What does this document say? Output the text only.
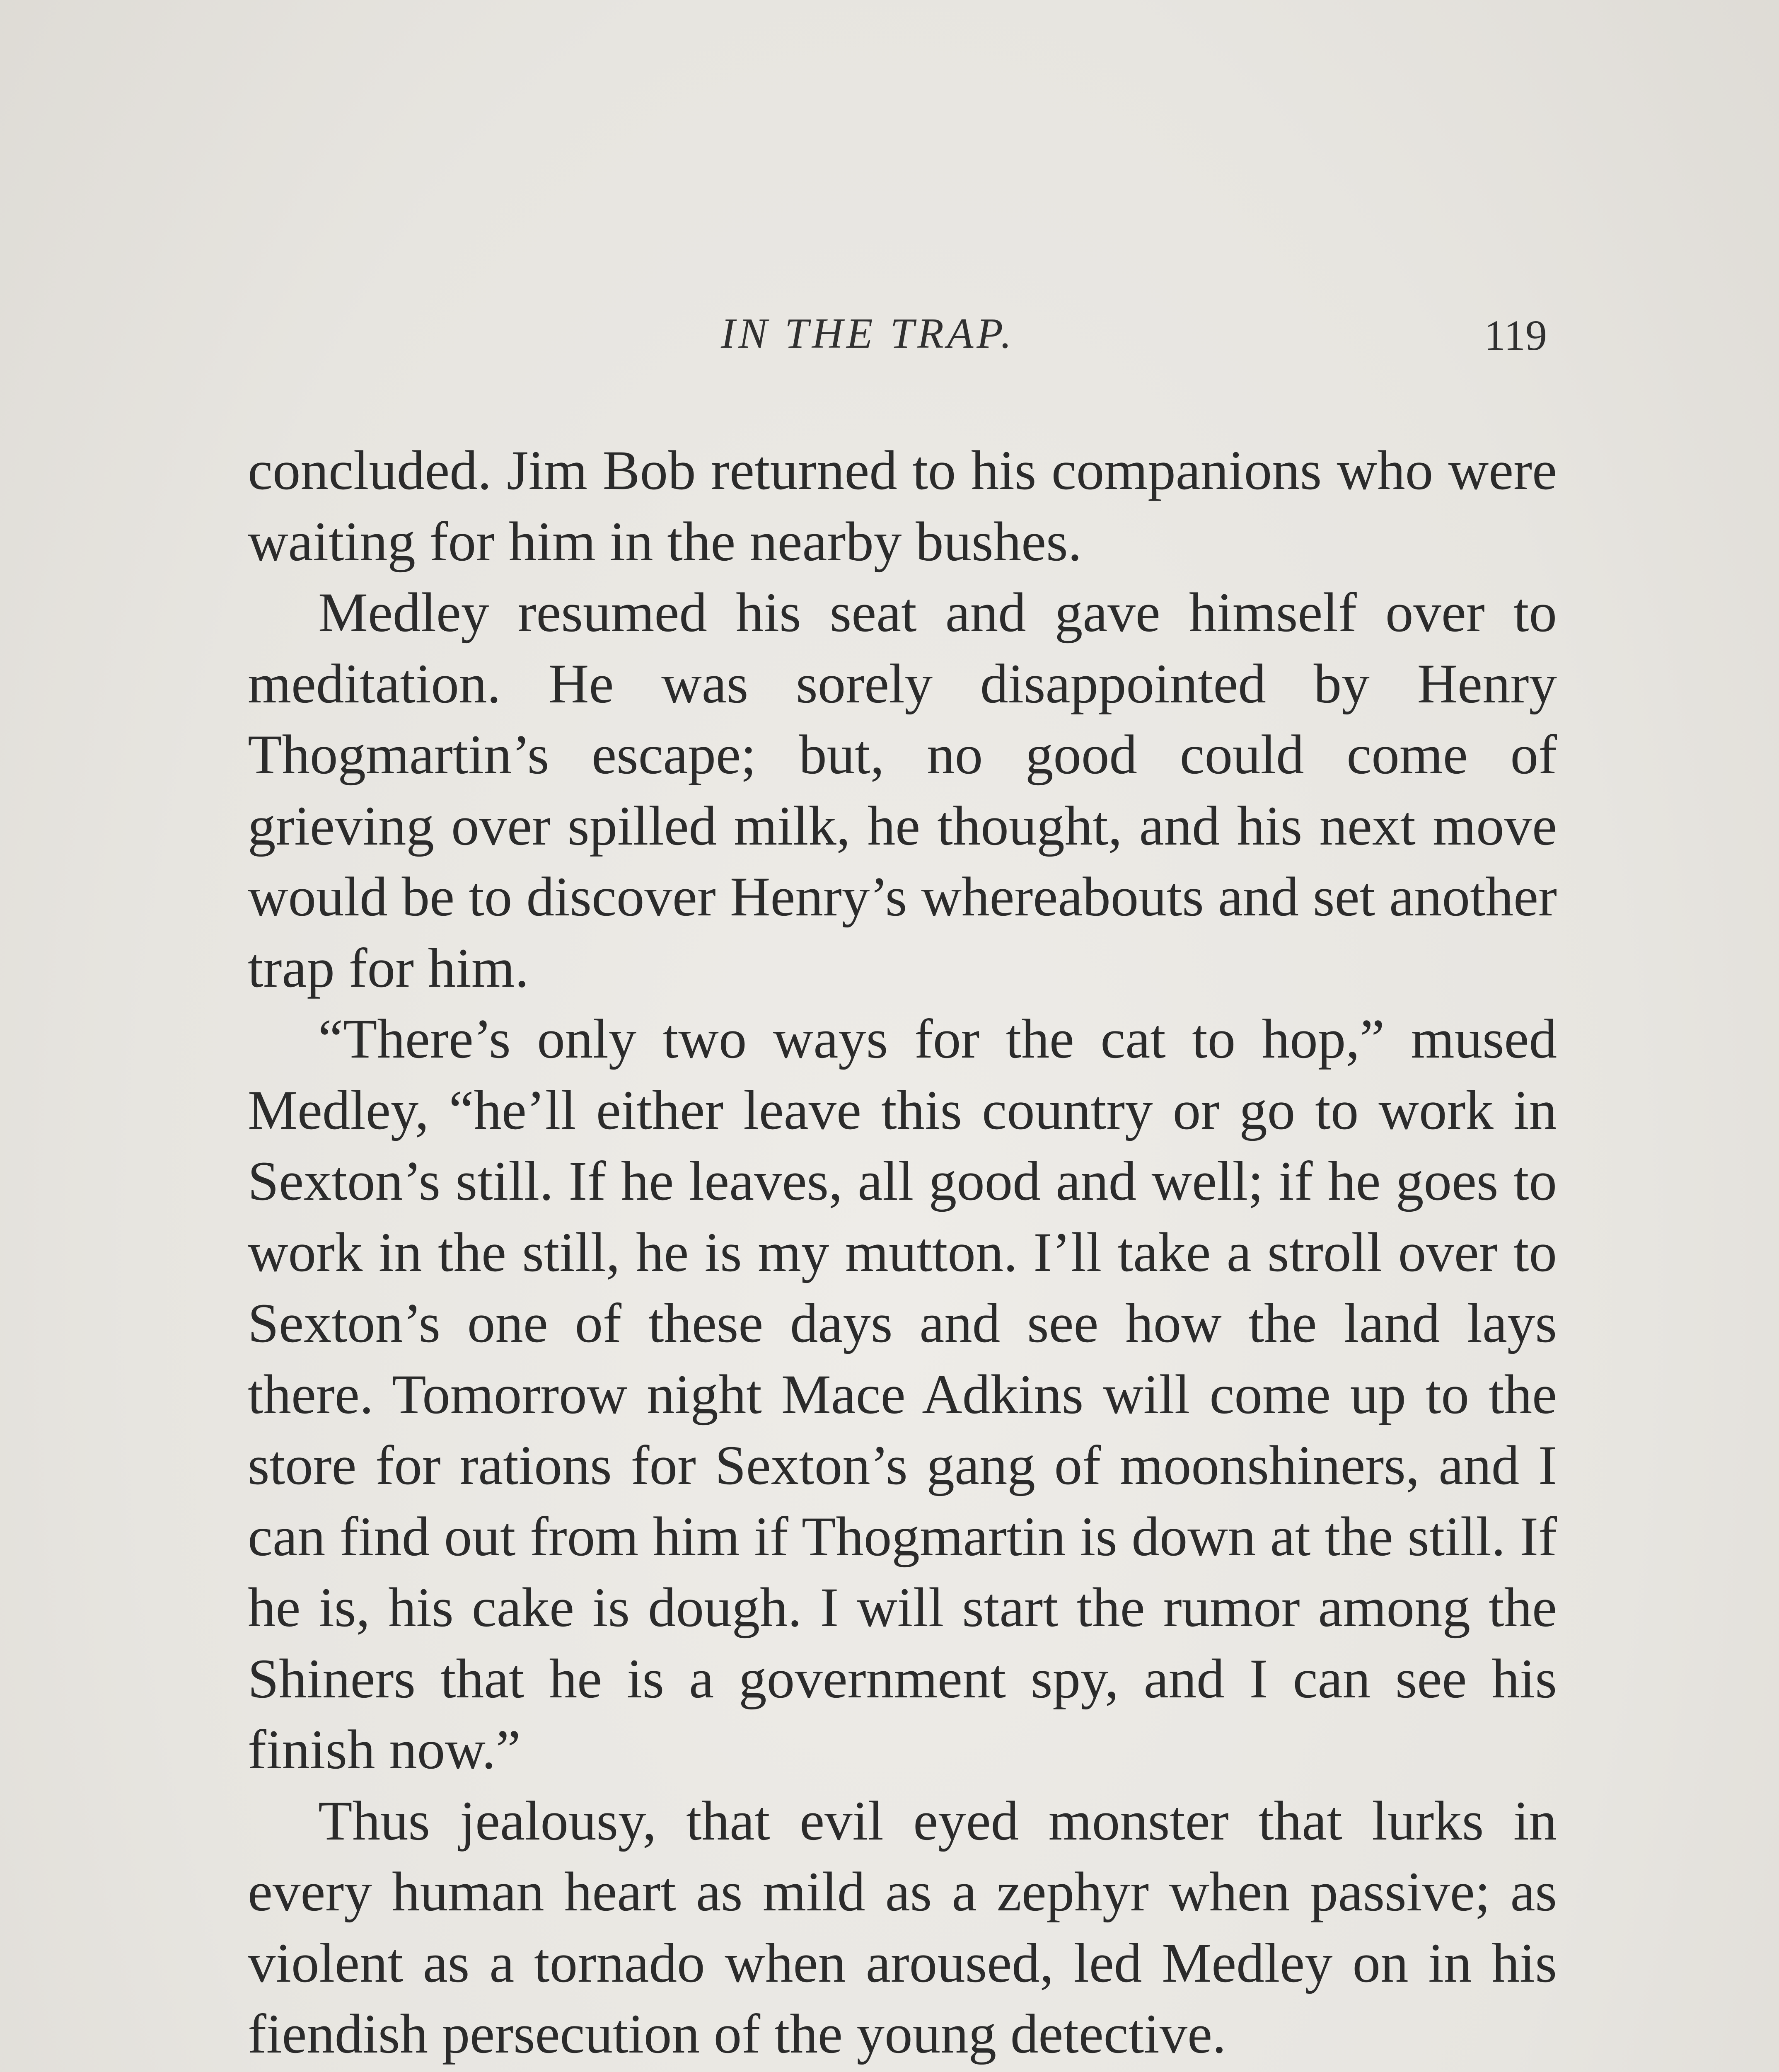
IN THE TRAP.	119

concluded. Jim Bob returned to his companions who were waiting for him in the nearby bushes.

Medley resumed his seat and gave himself over to meditation. He was sorely disappointed by Henry Thogmartin’s escape; but, no good could come of grieving over spilled milk, he thought, and his next move would be to discover Henry’s whereabouts and set another trap for him.

“There’s only two ways for the cat to hop,” mused Medley, “he’ll either leave this country or go to work in Sexton’s still. If he leaves, all good and well; if he goes to work in the still, he is my mutton. I’ll take a stroll over to Sexton’s one of these days and see how the land lays there. Tomorrow night Mace Adkins will come up to the store for rations for Sexton’s gang of moonshiners, and I can find out from him if Thogmartin is down at the still. If he is, his cake is dough. I will start the rumor among the Shiners that he is a government spy, and I can see his finish now.”

Thus jealousy, that evil eyed monster that lurks in every human heart as mild as a zephyr when passive; as violent as a tornado when aroused, led Medley on in his fiendish persecution of the young detective.
